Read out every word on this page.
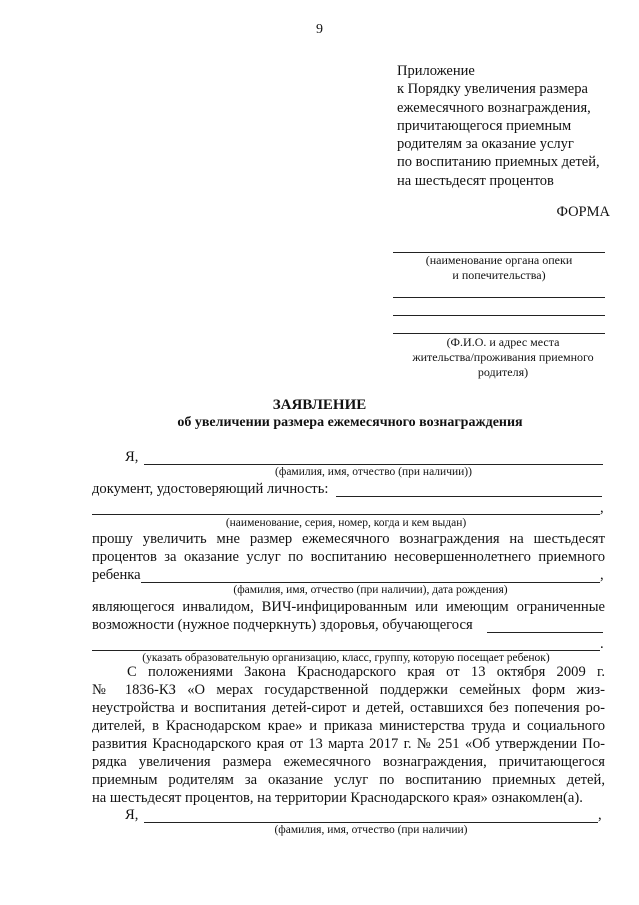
9
Приложение
к Порядку увеличения размера
ежемесячного вознаграждения,
причитающегося приемным
родителям за оказание услуг
по воспитанию приемных детей,
на шестьдесят процентов
ФОРМА
(наименование органа опеки
и попечительства)
(Ф.И.О. и адрес места
жительства/проживания приемного
родителя)
ЗАЯВЛЕНИЕ
об увеличении размера ежемесячного вознаграждения
Я,
(фамилия, имя, отчество (при наличии))
документ, удостоверяющий личность:
,
(наименование, серия, номер, когда и кем выдан)
прошу увеличить мне размер ежемесячного вознаграждения на шестьдесят
процентов за оказание услуг по воспитанию несовершеннолетнего приемного
ребенка	,
(фамилия, имя, отчество (при наличии), дата рождения)
являющегося инвалидом, ВИЧ-инфицированным или имеющим ограниченные
возможности (нужное подчеркнуть) здоровья, обучающегося
.
(указать образовательную организацию, класс, группу, которую посещает ребенок)
С положениями Закона Краснодарского края от 13 октября 2009 г.
№ 1836-КЗ «О мерах государственной поддержки семейных форм жиз-
неустройства и воспитания детей-сирот и детей, оставшихся без попечения ро-
дителей, в Краснодарском крае» и приказа министерства труда и социального
развития Краснодарского края от 13 марта 2017 г. № 251 «Об утверждении По-
рядка увеличения размера ежемесячного вознаграждения, причитающегося
приемным родителям за оказание услуг по воспитанию приемных детей,
на шестьдесят процентов, на территории Краснодарского края» ознакомлен(а).
Я,	,
(фамилия, имя, отчество (при наличии)
